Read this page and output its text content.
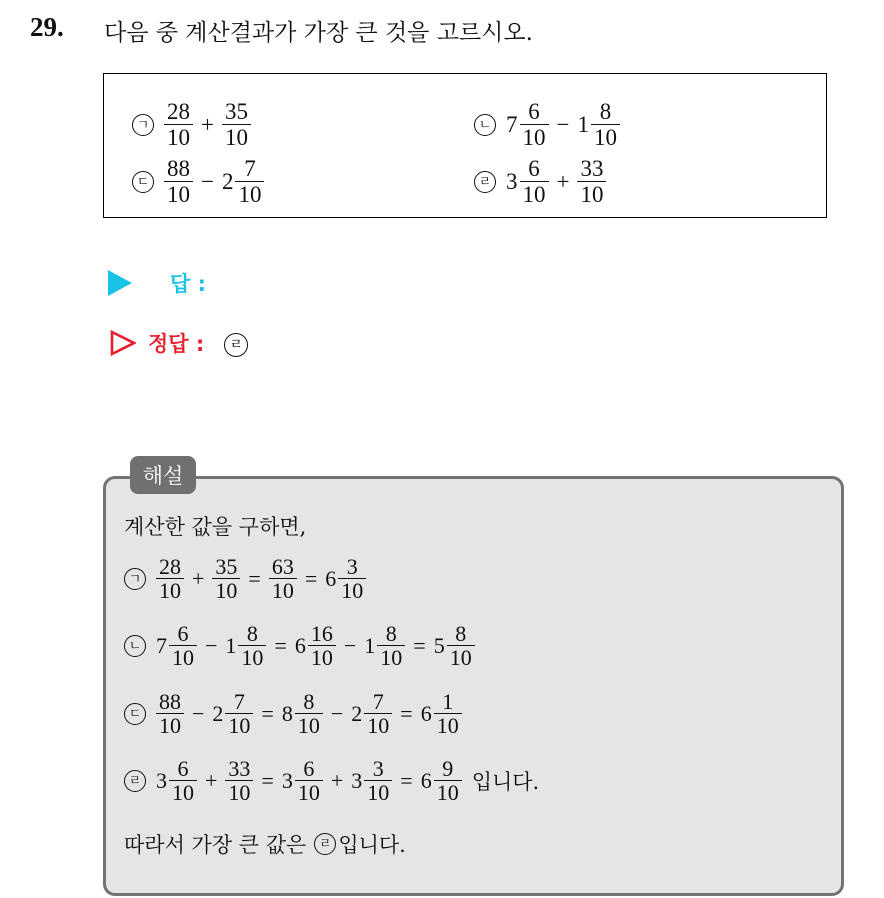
29. 다음 중 계산결과가 가장 큰 것을 고르시오.
ㄱ $\frac{28}{10} + \frac{35}{10}$	ㄴ $7 \frac{6}{10} - 1 \frac{8}{10}$
ㄷ $\frac{88}{10} - 2 \frac{7}{10}$	ㄹ $3 \frac{6}{10} + \frac{33}{10}$
답 :
정답 :	ㄹ
해설
계산한 값을 구하면,
ㄱ $\frac{28}{10} + \frac{35}{10} = \frac{63}{10} = 6 \frac{3}{10}$
ㄴ $7 \frac{6}{10} - 1 \frac{8}{10} = 6 \frac{16}{10} - 1 \frac{8}{10} = 5 \frac{8}{10}$
ㄷ $\frac{88}{10} - 2 \frac{7}{10} = 8 \frac{8}{10} - 2 \frac{7}{10} = 6 \frac{1}{10}$
ㄹ $3 \frac{6}{10} + \frac{33}{10} = 3 \frac{6}{10} + 3 \frac{3}{10} = 6 \frac{9}{10}$ 입니다.
따라서 가장 큰 값은 ㄹ 입니다.
